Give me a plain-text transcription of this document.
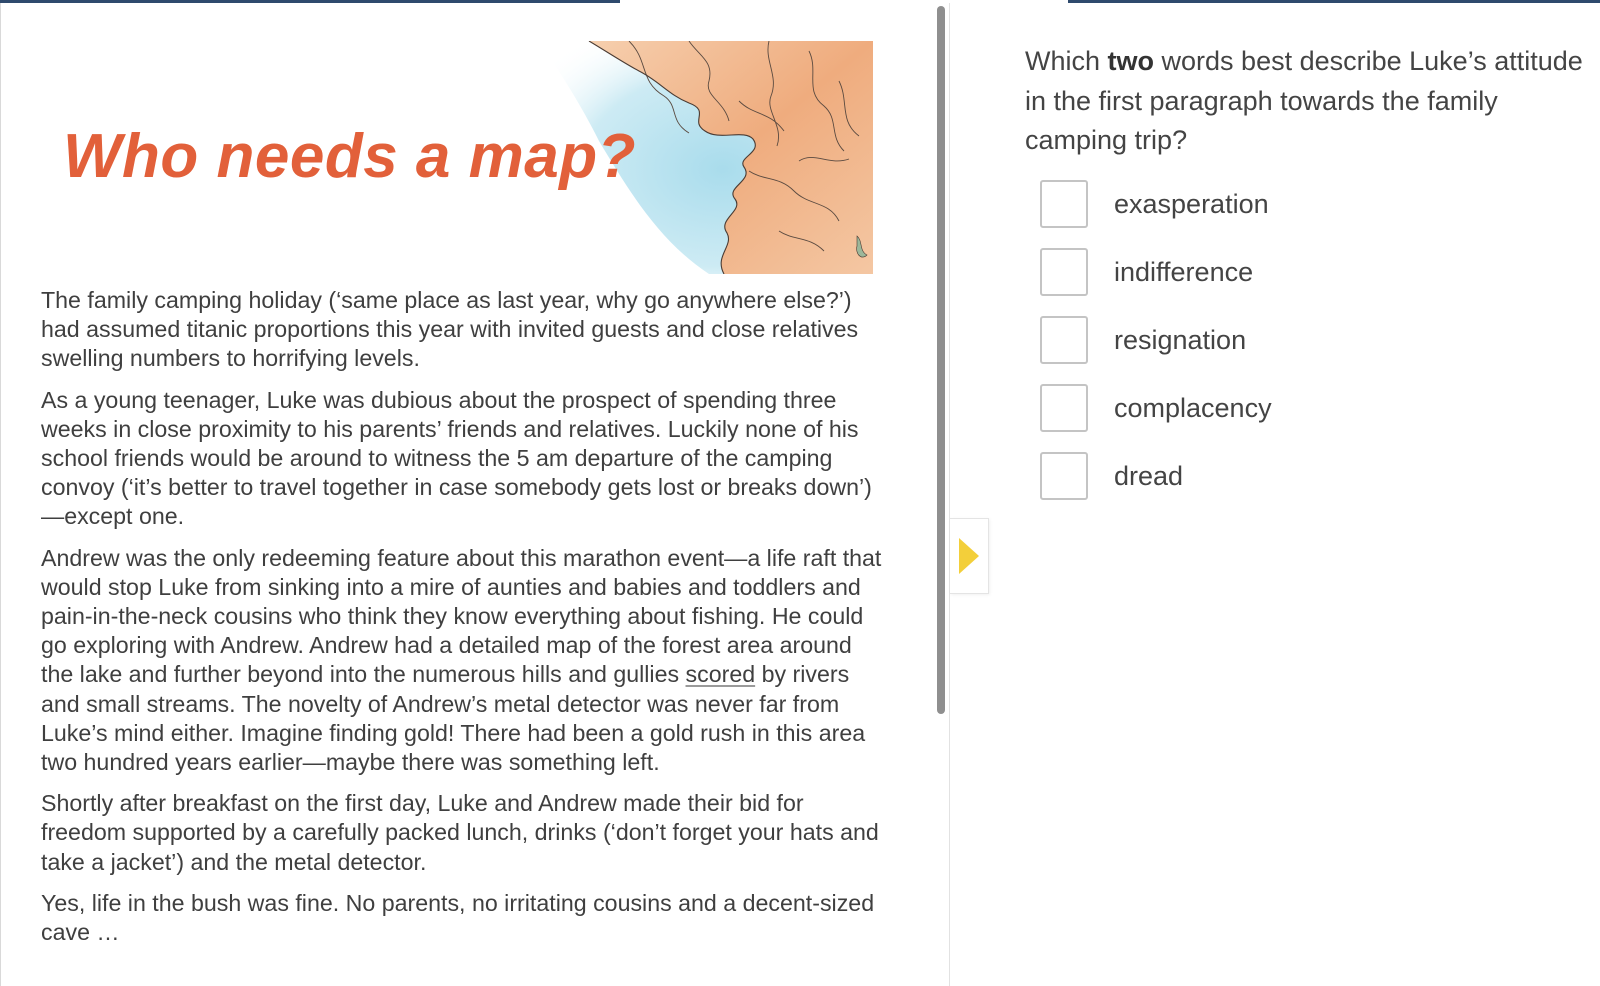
Who needs a map?

The family camping holiday (‘same place as last year, why go anywhere else?’) had assumed titanic proportions this year with invited guests and close relatives swelling numbers to horrifying levels.

As a young teenager, Luke was dubious about the prospect of spending three weeks in close proximity to his parents’ friends and relatives. Luckily none of his school friends would be around to witness the 5 am departure of the camping convoy (‘it’s better to travel together in case somebody gets lost or breaks down’)—except one.

Andrew was the only redeeming feature about this marathon event—a life raft that would stop Luke from sinking into a mire of aunties and babies and toddlers and pain-in-the-neck cousins who think they know everything about fishing. He could go exploring with Andrew. Andrew had a detailed map of the forest area around the lake and further beyond into the numerous hills and gullies scored by rivers and small streams. The novelty of Andrew’s metal detector was never far from Luke’s mind either. Imagine finding gold! There had been a gold rush in this area two hundred years earlier—maybe there was something left.

Shortly after breakfast on the first day, Luke and Andrew made their bid for freedom supported by a carefully packed lunch, drinks (‘don’t forget your hats and take a jacket’) and the metal detector.

Yes, life in the bush was fine. No parents, no irritating cousins and a decent-sized cave …

Which two words best describe Luke’s attitude in the first paragraph towards the family camping trip?

exasperation
indifference
resignation
complacency
dread
